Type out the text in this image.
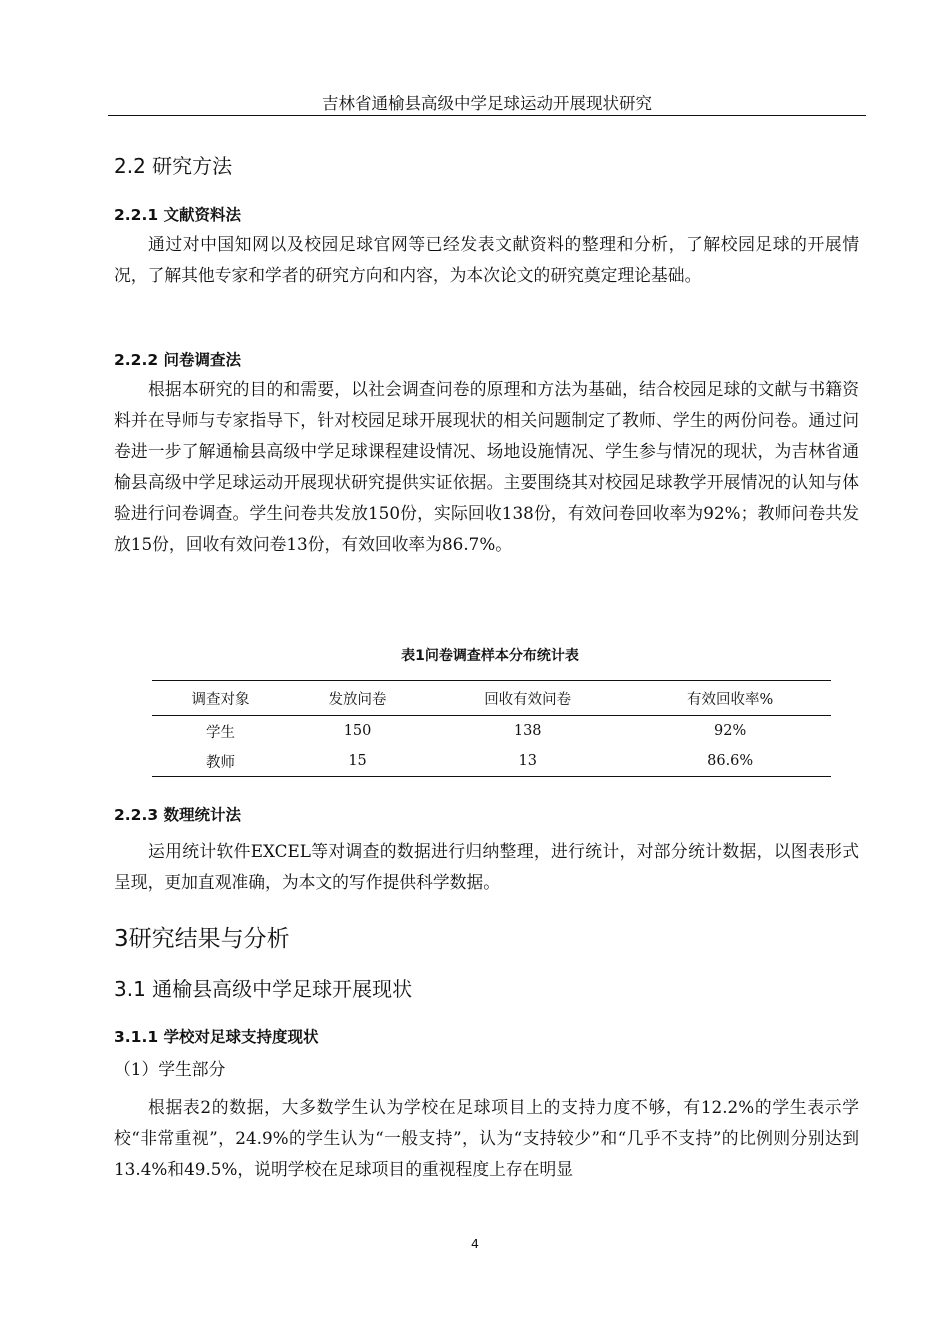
吉林省通榆县高级中学足球运动开展现状研究
2.2 研究方法
2.2.1 文献资料法

通过对中国知网以及校园足球官网等已经发表文献资料的整理和分析，了解校园足球的开展情况，了解其他专家和学者的研究方向和内容，为本次论文的研究奠定理论基础。

2.2.2 问卷调查法

根据本研究的目的和需要，以社会调查问卷的原理和方法为基础，结合校园足球的文献与书籍资料并在导师与专家指导下，针对校园足球开展现状的相关问题制定了教师、学生的两份问卷。通过问卷进一步了解通榆县高级中学足球课程建设情况、场地设施情况、学生参与情况的现状，为吉林省通榆县高级中学足球运动开展现状研究提供实证依据。主要围绕其对校园足球教学开展情况的认知与体验进行问卷调查。学生问卷共发放150份，实际回收138份，有效问卷回收率为92%；教师问卷共发放15份，回收有效问卷13份，有效回收率为86.7%。

表1问卷调查样本分布统计表
调查对象	发放问卷	回收有效问卷	有效回收率%
学生	150	138	92%
教师	15	13	86.6%
2.2.3 数理统计法

运用统计软件EXCEL等对调查的数据进行归纳整理，进行统计，对部分统计数据，以图表形式呈现，更加直观准确，为本文的写作提供科学数据。

3研究结果与分析
3.1 通榆县高级中学足球开展现状
3.1.1 学校对足球支持度现状
（1）学生部分

根据表2的数据，大多数学生认为学校在足球项目上的支持力度不够，有12.2%的学生表示学校“非常重视”，24.9%的学生认为“一般支持”，认为“支持较少”和“几乎不支持”的比例则分别达到13.4%和49.5%，说明学校在足球项目的重视程度上存在明显

4
